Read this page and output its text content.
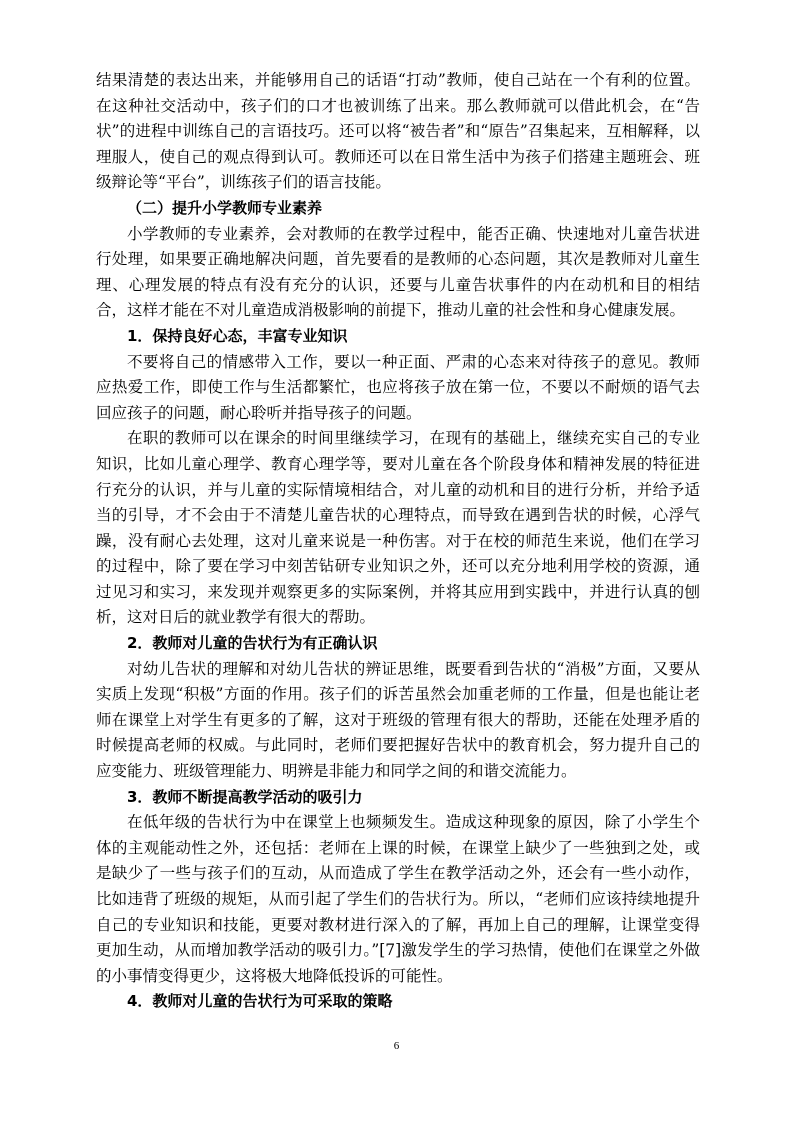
结果清楚的表达出来，并能够用自己的话语“打动”教师，使自己站在一个有利的位置。在这种社交活动中，孩子们的口才也被训练了出来。那么教师就可以借此机会，在“告状”的进程中训练自己的言语技巧。还可以将“被告者”和“原告”召集起来，互相解释，以理服人，使自己的观点得到认可。教师还可以在日常生活中为孩子们搭建主题班会、班级辩论等“平台”，训练孩子们的语言技能。

（二）提升小学教师专业素养

小学教师的专业素养，会对教师的在教学过程中，能否正确、快速地对儿童告状进行处理，如果要正确地解决问题，首先要看的是教师的心态问题，其次是教师对儿童生理、心理发展的特点有没有充分的认识，还要与儿童告状事件的内在动机和目的相结合，这样才能在不对儿童造成消极影响的前提下，推动儿童的社会性和身心健康发展。

1．保持良好心态，丰富专业知识

不要将自己的情感带入工作，要以一种正面、严肃的心态来对待孩子的意见。教师应热爱工作，即使工作与生活都繁忙，也应将孩子放在第一位，不要以不耐烦的语气去回应孩子的问题，耐心聆听并指导孩子的问题。

在职的教师可以在课余的时间里继续学习，在现有的基础上，继续充实自己的专业知识，比如儿童心理学、教育心理学等，要对儿童在各个阶段身体和精神发展的特征进行充分的认识，并与儿童的实际情境相结合，对儿童的动机和目的进行分析，并给予适当的引导，才不会由于不清楚儿童告状的心理特点，而导致在遇到告状的时候，心浮气躁，没有耐心去处理，这对儿童来说是一种伤害。对于在校的师范生来说，他们在学习的过程中，除了要在学习中刻苦钻研专业知识之外，还可以充分地利用学校的资源，通过见习和实习，来发现并观察更多的实际案例，并将其应用到实践中，并进行认真的刨析，这对日后的就业教学有很大的帮助。

2．教师对儿童的告状行为有正确认识

对幼儿告状的理解和对幼儿告状的辨证思维，既要看到告状的“消极”方面，又要从实质上发现“积极”方面的作用。孩子们的诉苦虽然会加重老师的工作量，但是也能让老师在课堂上对学生有更多的了解，这对于班级的管理有很大的帮助，还能在处理矛盾的时候提高老师的权威。与此同时，老师们要把握好告状中的教育机会，努力提升自己的应变能力、班级管理能力、明辨是非能力和同学之间的和谐交流能力。

3．教师不断提高教学活动的吸引力

在低年级的告状行为中在课堂上也频频发生。造成这种现象的原因，除了小学生个体的主观能动性之外，还包括：老师在上课的时候，在课堂上缺少了一些独到之处，或是缺少了一些与孩子们的互动，从而造成了学生在教学活动之外，还会有一些小动作，比如违背了班级的规矩，从而引起了学生们的告状行为。所以，“老师们应该持续地提升自己的专业知识和技能，更要对教材进行深入的了解，再加上自己的理解，让课堂变得更加生动，从而增加教学活动的吸引力。”[7]激发学生的学习热情，使他们在课堂之外做的小事情变得更少，这将极大地降低投诉的可能性。

4．教师对儿童的告状行为可采取的策略

6
